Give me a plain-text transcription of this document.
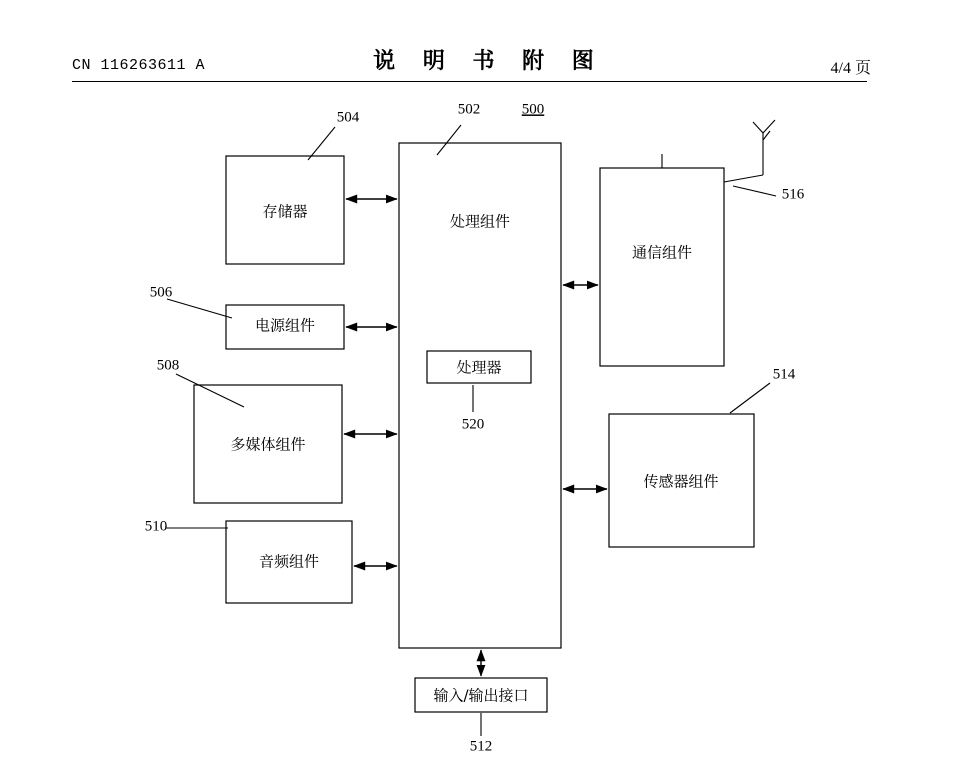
CN 116263611 A	说 明 书 附 图	4/4 页
存储器
处理组件
通信组件
电源组件
处理器
多媒体组件
传感器组件
音频组件
输入/输出接口
504	502	500
516
506
520
508
514
510
512
